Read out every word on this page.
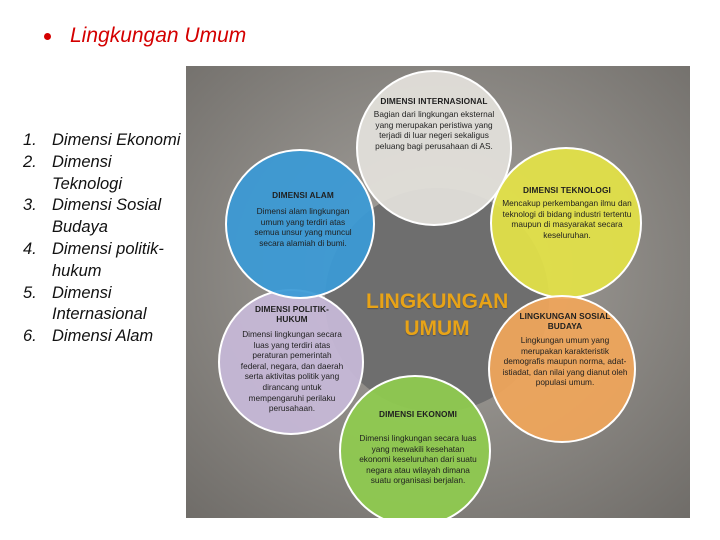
Lingkungan Umum
1. Dimensi Ekonomi
2. Dimensi Teknologi
3. Dimensi Sosial Budaya
4. Dimensi politik-hukum
5. Dimensi Internasional
6. Dimensi Alam
LINGKUNGAN
UMUM
DIMENSI INTERNASIONAL
Bagian dari lingkungan eksternal yang merupakan peristiwa yang terjadi di luar negeri sekaligus peluang bagi perusahaan di AS.
DIMENSI TEKNOLOGI
Mencakup perkembangan ilmu dan teknologi di bidang industri tertentu maupun di masyarakat secara keseluruhan.
LINGKUNGAN SOSIAL BUDAYA
Lingkungan umum yang merupakan karakteristik demografis maupun norma, adat-istiadat, dan nilai yang dianut oleh populasi umum.
DIMENSI EKONOMI
Dimensi lingkungan secara luas yang mewakili kesehatan ekonomi keseluruhan dari suatu negara atau wilayah dimana suatu organisasi berjalan.
DIMENSI POLITIK-HUKUM
Dimensi lingkungan secara luas yang terdiri atas peraturan pemerintah federal, negara, dan daerah serta aktivitas politik yang dirancang untuk mempengaruhi perilaku perusahaan.
DIMENSI ALAM
Dimensi alam lingkungan umum yang terdiri atas semua unsur yang muncul secara alamiah di bumi.
